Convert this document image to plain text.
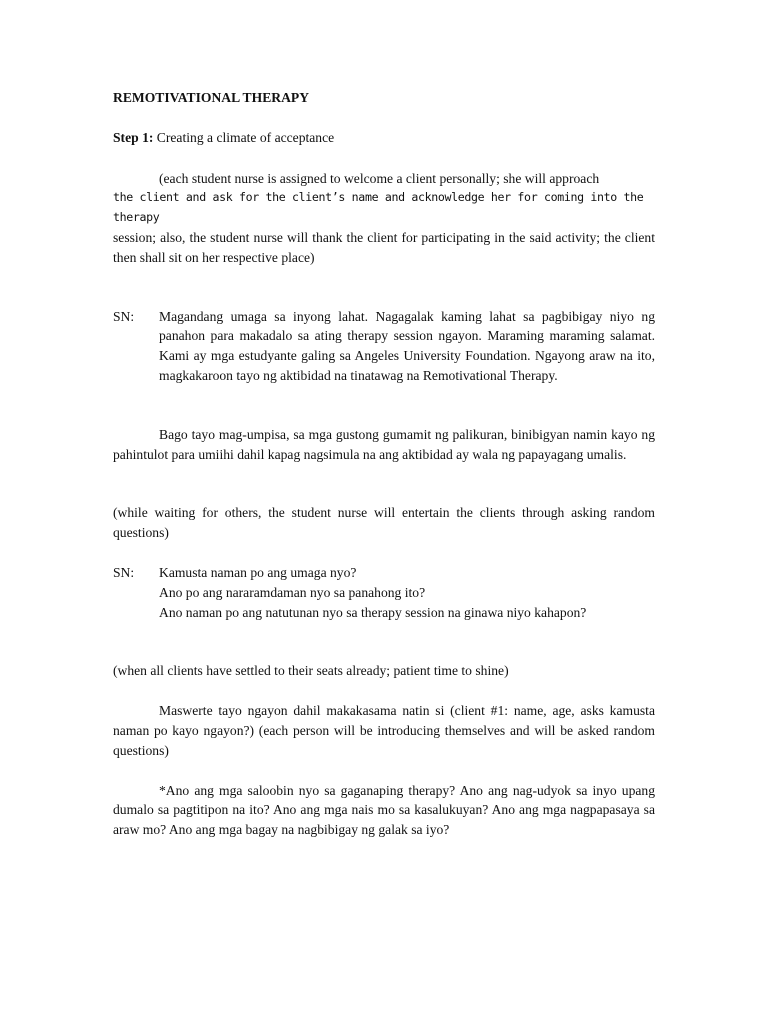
REMOTIVATIONAL THERAPY

Step 1: Creating a climate of acceptance

(each student nurse is assigned to welcome a client personally; she will approach

the client and ask for the client’s name and acknowledge her for coming into the therapy

session; also, the student nurse will thank the client for participating in the said activity; the client then shall sit on her respective place)

SN:	Magandang umaga sa inyong lahat. Nagagalak kaming lahat sa pagbibigay niyo ng panahon para makadalo sa ating therapy session ngayon. Maraming maraming salamat. Kami ay mga estudyante galing sa Angeles University Foundation. Ngayong araw na ito, magkakaroon tayo ng aktibidad na tinatawag na Remotivational Therapy.

Bago tayo mag-umpisa, sa mga gustong gumamit ng palikuran, binibigyan namin kayo ng pahintulot para umiihi dahil kapag nagsimula na ang aktibidad ay wala ng papayagang umalis.

(while waiting for others, the student nurse will entertain the clients through asking random questions)

SN:	Kamusta naman po ang umaga nyo?
Ano po ang nararamdaman nyo sa panahong ito?
Ano naman po ang natutunan nyo sa therapy session na ginawa niyo kahapon?

(when all clients have settled to their seats already; patient time to shine)

Maswerte tayo ngayon dahil makakasama natin si (client #1: name, age, asks kamusta naman po kayo ngayon?) (each person will be introducing themselves and will be asked random questions)

*Ano ang mga saloobin nyo sa gaganaping therapy? Ano ang nag-udyok sa inyo upang dumalo sa pagtitipon na ito? Ano ang mga nais mo sa kasalukuyan? Ano ang mga nagpapasaya sa araw mo? Ano ang mga bagay na nagbibigay ng galak sa iyo?
